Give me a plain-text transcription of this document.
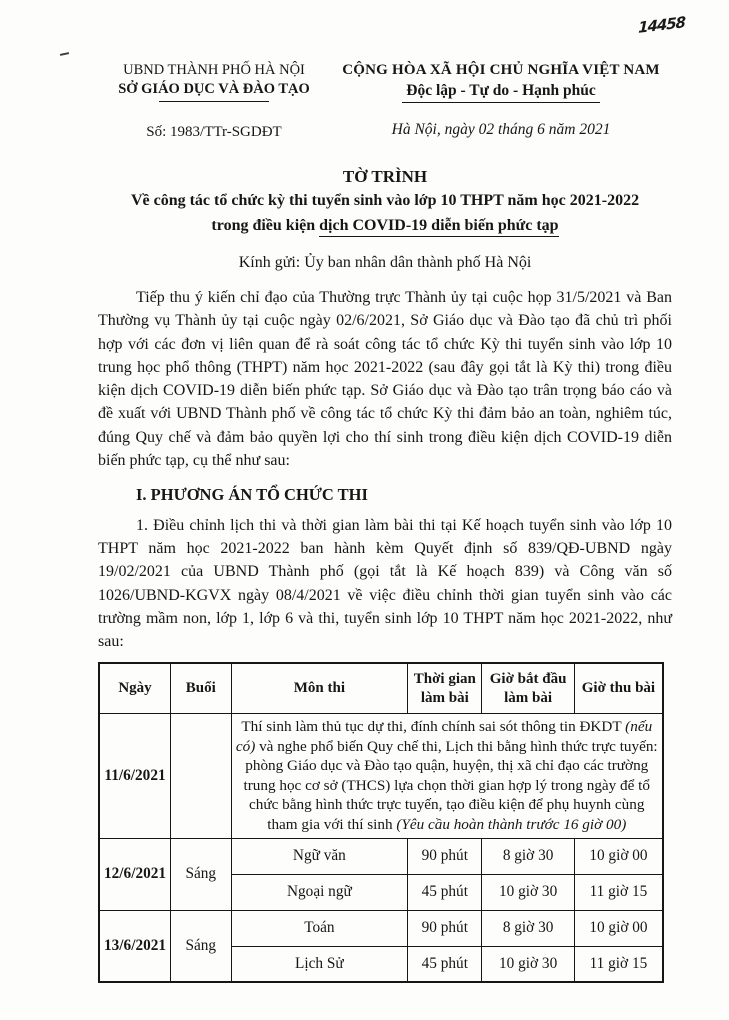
14458
UBND THÀNH PHỐ HÀ NỘI
SỞ GIÁO DỤC VÀ ĐÀO TẠO
Số: 1983/TTr-SGDĐT
CỘNG HÒA XÃ HỘI CHỦ NGHĨA VIỆT NAM
Độc lập - Tự do - Hạnh phúc
Hà Nội, ngày 02 tháng 6 năm 2021
TỜ TRÌNH
Về công tác tổ chức kỳ thi tuyển sinh vào lớp 10 THPT năm học 2021-2022
trong điều kiện dịch COVID-19 diễn biến phức tạp
Kính gửi: Ủy ban nhân dân thành phố Hà Nội

Tiếp thu ý kiến chỉ đạo của Thường trực Thành ủy tại cuộc họp 31/5/2021 và Ban Thường vụ Thành ủy tại cuộc ngày 02/6/2021, Sở Giáo dục và Đào tạo đã chủ trì phối hợp với các đơn vị liên quan để rà soát công tác tổ chức Kỳ thi tuyển sinh vào lớp 10 trung học phổ thông (THPT) năm học 2021-2022 (sau đây gọi tắt là Kỳ thi) trong điều kiện dịch COVID-19 diễn biến phức tạp. Sở Giáo dục và Đào tạo trân trọng báo cáo và đề xuất với UBND Thành phố về công tác tổ chức Kỳ thi đảm bảo an toàn, nghiêm túc, đúng Quy chế và đảm bảo quyền lợi cho thí sinh trong điều kiện dịch COVID-19 diễn biến phức tạp, cụ thể như sau:

I. PHƯƠNG ÁN TỔ CHỨC THI

1. Điều chỉnh lịch thi và thời gian làm bài thi tại Kế hoạch tuyển sinh vào lớp 10 THPT năm học 2021-2022 ban hành kèm Quyết định số 839/QĐ-UBND ngày 19/02/2021 của UBND Thành phố (gọi tắt là Kế hoạch 839) và Công văn số 1026/UBND-KGVX ngày 08/4/2021 về việc điều chỉnh thời gian tuyển sinh vào các trường mầm non, lớp 1, lớp 6 và thi, tuyển sinh lớp 10 THPT năm học 2021-2022, như sau:

Ngày	Buổi	Môn thi	Thời gian làm bài	Giờ bắt đầu làm bài	Giờ thu bài
11/6/2021		Thí sinh làm thủ tục dự thi, đính chính sai sót thông tin ĐKDT (nếu có) và nghe phổ biến Quy chế thi, Lịch thi bằng hình thức trực tuyến: phòng Giáo dục và Đào tạo quận, huyện, thị xã chỉ đạo các trường trung học cơ sở (THCS) lựa chọn thời gian hợp lý trong ngày để tổ chức bằng hình thức trực tuyến, tạo điều kiện để phụ huynh cùng tham gia với thí sinh (Yêu cầu hoàn thành trước 16 giờ 00)			
12/6/2021	Sáng	Ngữ văn	90 phút	8 giờ 30	10 giờ 00
		Ngoại ngữ	45 phút	10 giờ 30	11 giờ 15
13/6/2021	Sáng	Toán	90 phút	8 giờ 30	10 giờ 00
		Lịch Sử	45 phút	10 giờ 30	11 giờ 15
